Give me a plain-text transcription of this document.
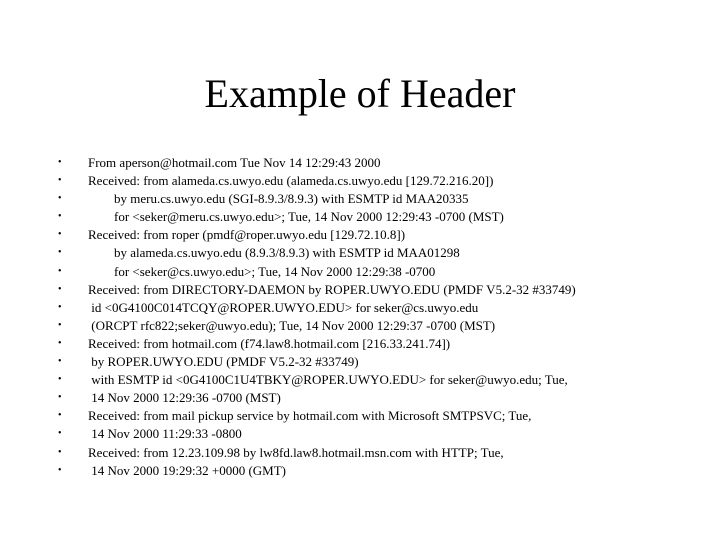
Example of Header
•	From aperson@hotmail.com Tue Nov 14 12:29:43 2000
•	Received: from alameda.cs.uwyo.edu (alameda.cs.uwyo.edu [129.72.216.20])
•	by meru.cs.uwyo.edu (SGI-8.9.3/8.9.3) with ESMTP id MAA20335
•	for <seker@meru.cs.uwyo.edu>; Tue, 14 Nov 2000 12:29:43 -0700 (MST)
•	Received: from roper (pmdf@roper.uwyo.edu [129.72.10.8])
•	by alameda.cs.uwyo.edu (8.9.3/8.9.3) with ESMTP id MAA01298
•	for <seker@cs.uwyo.edu>; Tue, 14 Nov 2000 12:29:38 -0700
•	Received: from DIRECTORY-DAEMON by ROPER.UWYO.EDU (PMDF V5.2-32 #33749)
•	id <0G4100C014TCQY@ROPER.UWYO.EDU> for seker@cs.uwyo.edu
•	(ORCPT rfc822;seker@uwyo.edu); Tue, 14 Nov 2000 12:29:37 -0700 (MST)
•	Received: from hotmail.com (f74.law8.hotmail.com [216.33.241.74])
•	by ROPER.UWYO.EDU (PMDF V5.2-32 #33749)
•	with ESMTP id <0G4100C1U4TBKY@ROPER.UWYO.EDU> for seker@uwyo.edu; Tue,
•	14 Nov 2000 12:29:36 -0700 (MST)
•	Received: from mail pickup service by hotmail.com with Microsoft SMTPSVC; Tue,
•	14 Nov 2000 11:29:33 -0800
•	Received: from 12.23.109.98 by lw8fd.law8.hotmail.msn.com with HTTP; Tue,
•	14 Nov 2000 19:29:32 +0000 (GMT)
